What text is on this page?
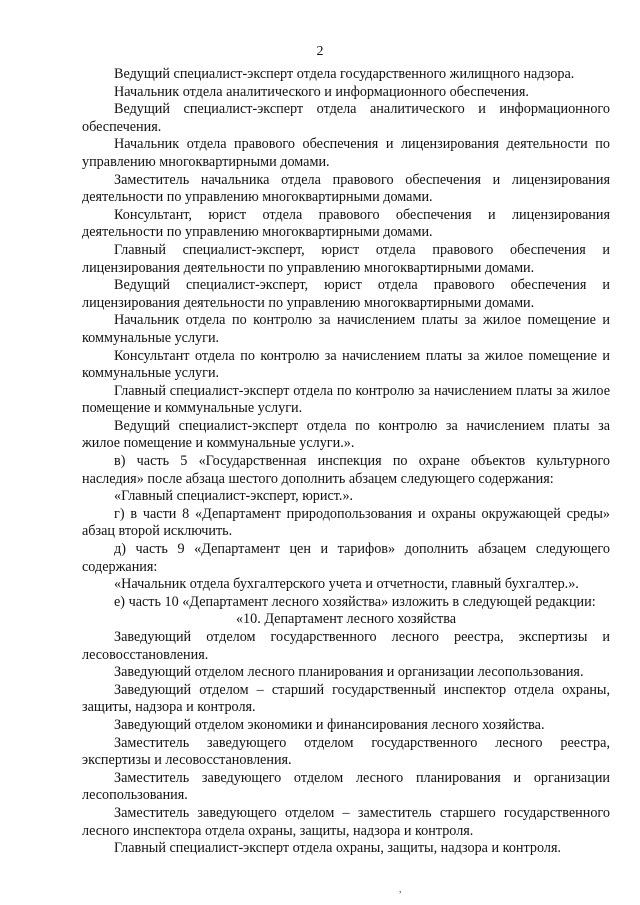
2

Ведущий специалист-эксперт отдела государственного жилищного надзора.

Начальник отдела аналитического и информационного обеспечения.

Ведущий специалист-эксперт отдела аналитического и информационного обеспечения.

Начальник отдела правового обеспечения и лицензирования деятельности по управлению многоквартирными домами.

Заместитель начальника отдела правового обеспечения и лицензирования деятельности по управлению многоквартирными домами.

Консультант, юрист отдела правового обеспечения и лицензирования деятельности по управлению многоквартирными домами.

Главный специалист-эксперт, юрист отдела правового обеспечения и лицензирования деятельности по управлению многоквартирными домами.

Ведущий специалист-эксперт, юрист отдела правового обеспечения и лицензирования деятельности по управлению многоквартирными домами.

Начальник отдела по контролю за начислением платы за жилое помещение и коммунальные услуги.

Консультант отдела по контролю за начислением платы за жилое помещение и коммунальные услуги.

Главный специалист-эксперт отдела по контролю за начислением платы за жилое помещение и коммунальные услуги.

Ведущий специалист-эксперт отдела по контролю за начислением платы за жилое помещение и коммунальные услуги.».

в) часть 5 «Государственная инспекция по охране объектов культурного наследия» после абзаца шестого дополнить абзацем следующего содержания:

«Главный специалист-эксперт, юрист.».

г) в части 8 «Департамент природопользования и охраны окружающей среды» абзац второй исключить.

д) часть 9 «Департамент цен и тарифов» дополнить абзацем следующего содержания:

«Начальник отдела бухгалтерского учета и отчетности, главный бухгалтер.».

е) часть 10 «Департамент лесного хозяйства» изложить в следующей редакции:

«10. Департамент лесного хозяйства

Заведующий отделом государственного лесного реестра, экспертизы и лесовосстановления.

Заведующий отделом лесного планирования и организации лесопользования.

Заведующий отделом – старший государственный инспектор отдела охраны, защиты, надзора и контроля.

Заведующий отделом экономики и финансирования лесного хозяйства.

Заместитель заведующего отделом государственного лесного реестра, экспертизы и лесовосстановления.

Заместитель заведующего отделом лесного планирования и организации лесопользования.

Заместитель заведующего отделом – заместитель старшего государственного лесного инспектора отдела охраны, защиты, надзора и контроля.

Главный специалист-эксперт отдела охраны, защиты, надзора и контроля.

,
